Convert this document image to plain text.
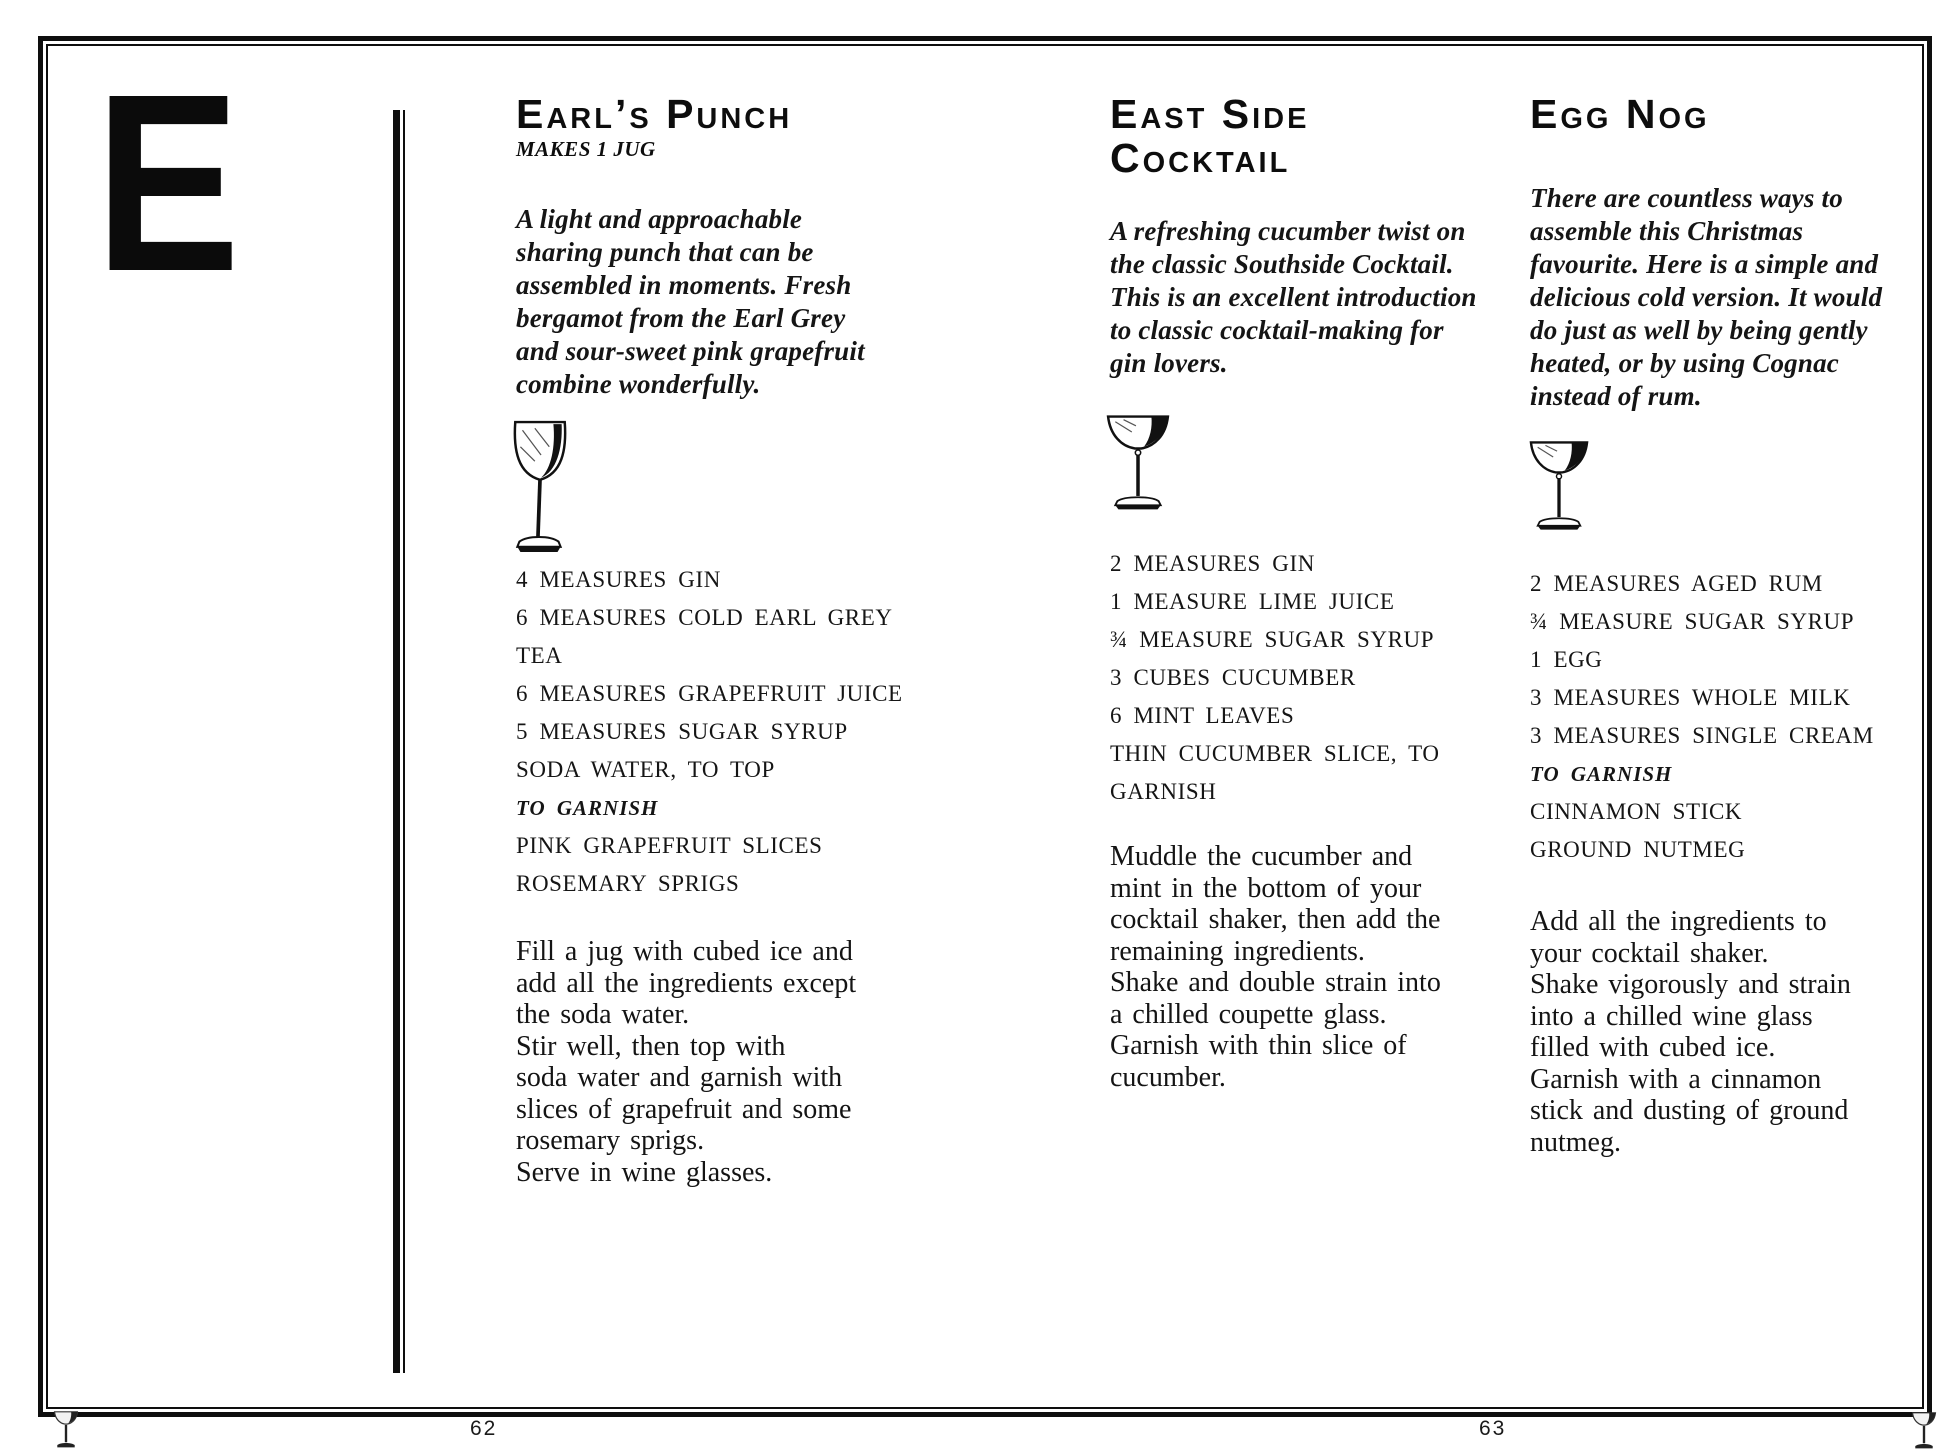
E	Earl’s Punch
MAKES 1 JUG
A light and approachable
sharing punch that can be
assembled in moments. Fresh
bergamot from the Earl Grey
and sour-sweet pink grapefruit
combine wonderfully.
4 MEASURES GIN
6 MEASURES COLD EARL GREY
TEA
6 MEASURES GRAPEFRUIT JUICE
5 MEASURES SUGAR SYRUP
SODA WATER, TO TOP
TO GARNISH
PINK GRAPEFRUIT SLICES
ROSEMARY SPRIGS
Fill a jug with cubed ice and
add all the ingredients except
the soda water.
Stir well, then top with
soda water and garnish with
slices of grapefruit and some
rosemary sprigs.
Serve in wine glasses.
East Side
Cocktail
A refreshing cucumber twist on
the classic Southside Cocktail.
This is an excellent introduction
to classic cocktail-making for
gin lovers.
2 MEASURES GIN
1 MEASURE LIME JUICE
¾ MEASURE SUGAR SYRUP
3 CUBES CUCUMBER
6 MINT LEAVES
THIN CUCUMBER SLICE, TO
GARNISH
Muddle the cucumber and
mint in the bottom of your
cocktail shaker, then add the
remaining ingredients.
Shake and double strain into
a chilled coupette glass.
Garnish with thin slice of
cucumber.
Egg Nog
There are countless ways to
assemble this Christmas
favourite. Here is a simple and
delicious cold version. It would
do just as well by being gently
heated, or by using Cognac
instead of rum.
2 MEASURES AGED RUM
¾ MEASURE SUGAR SYRUP
1 EGG
3 MEASURES WHOLE MILK
3 MEASURES SINGLE CREAM
TO GARNISH
CINNAMON STICK
GROUND NUTMEG
Add all the ingredients to
your cocktail shaker.
Shake vigorously and strain
into a chilled wine glass
filled with cubed ice.
Garnish with a cinnamon
stick and dusting of ground
nutmeg.
62	63
